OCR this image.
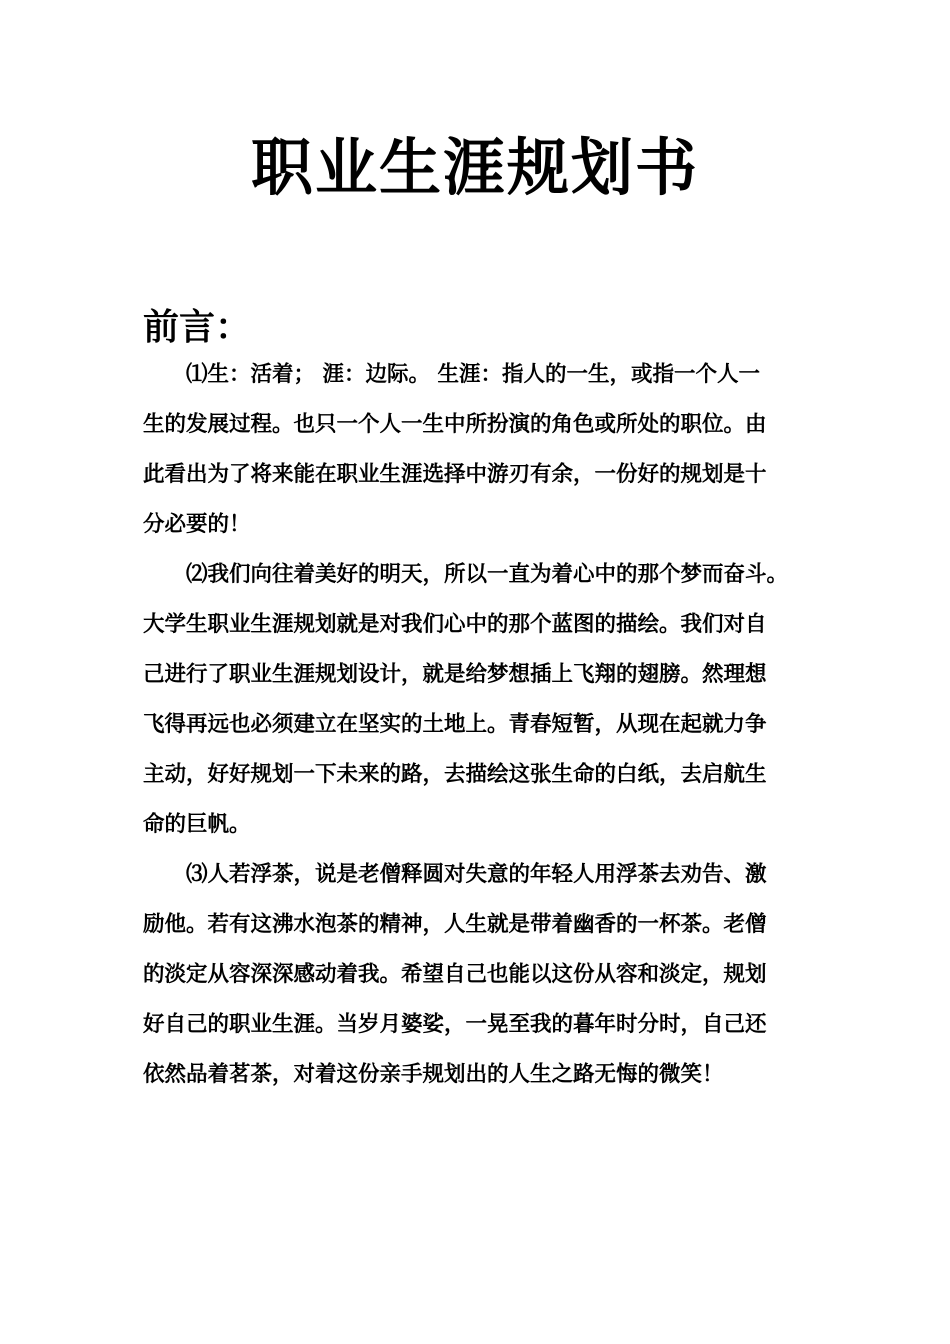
职业生涯规划书
前言：
⑴生：活着； 涯：边际。 生涯：指人的一生，或指一个人一
生的发展过程。也只一个人一生中所扮演的角色或所处的职位。由
此看出为了将来能在职业生涯选择中游刃有余，一份好的规划是十
分必要的！
⑵我们向往着美好的明天，所以一直为着心中的那个梦而奋斗。
大学生职业生涯规划就是对我们心中的那个蓝图的描绘。我们对自
己进行了职业生涯规划设计，就是给梦想插上飞翔的翅膀。然理想
飞得再远也必须建立在坚实的土地上。青春短暂，从现在起就力争
主动，好好规划一下未来的路，去描绘这张生命的白纸，去启航生
命的巨帆。
⑶人若浮茶，说是老僧释圆对失意的年轻人用浮茶去劝告、激
励他。若有这沸水泡茶的精神，人生就是带着幽香的一杯茶。老僧
的淡定从容深深感动着我。希望自己也能以这份从容和淡定，规划
好自己的职业生涯。当岁月婆娑，一晃至我的暮年时分时，自己还
依然品着茗茶，对着这份亲手规划出的人生之路无悔的微笑！
